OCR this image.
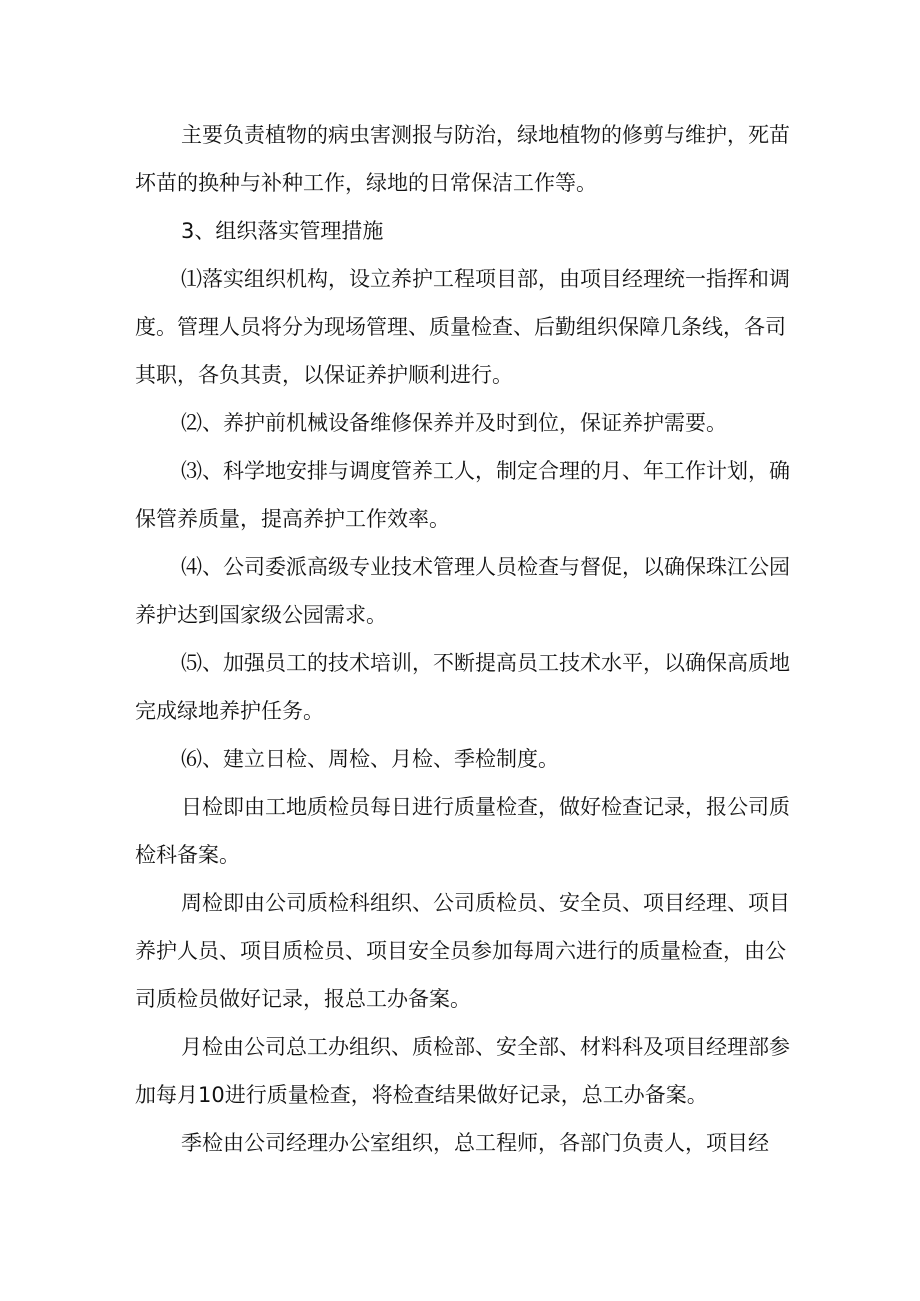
主要负责植物的病虫害测报与防治，绿地植物的修剪与维护，死苗坏苗的换种与补种工作，绿地的日常保洁工作等。

3、组织落实管理措施

⑴落实组织机构，设立养护工程项目部，由项目经理统一指挥和调度。管理人员将分为现场管理、质量检查、后勤组织保障几条线，各司其职，各负其责，以保证养护顺利进行。

⑵、养护前机械设备维修保养并及时到位，保证养护需要。

⑶、科学地安排与调度管养工人，制定合理的月、年工作计划，确保管养质量，提高养护工作效率。

⑷、公司委派高级专业技术管理人员检查与督促，以确保珠江公园养护达到国家级公园需求。

⑸、加强员工的技术培训，不断提高员工技术水平，以确保高质地完成绿地养护任务。

⑹、建立日检、周检、月检、季检制度。

日检即由工地质检员每日进行质量检查，做好检查记录，报公司质检科备案。

周检即由公司质检科组织、公司质检员、安全员、项目经理、项目养护人员、项目质检员、项目安全员参加每周六进行的质量检查，由公司质检员做好记录，报总工办备案。

月检由公司总工办组织、质检部、安全部、材料科及项目经理部参加每月10进行质量检查，将检查结果做好记录，总工办备案。

季检由公司经理办公室组织，总工程师，各部门负责人，项目经
